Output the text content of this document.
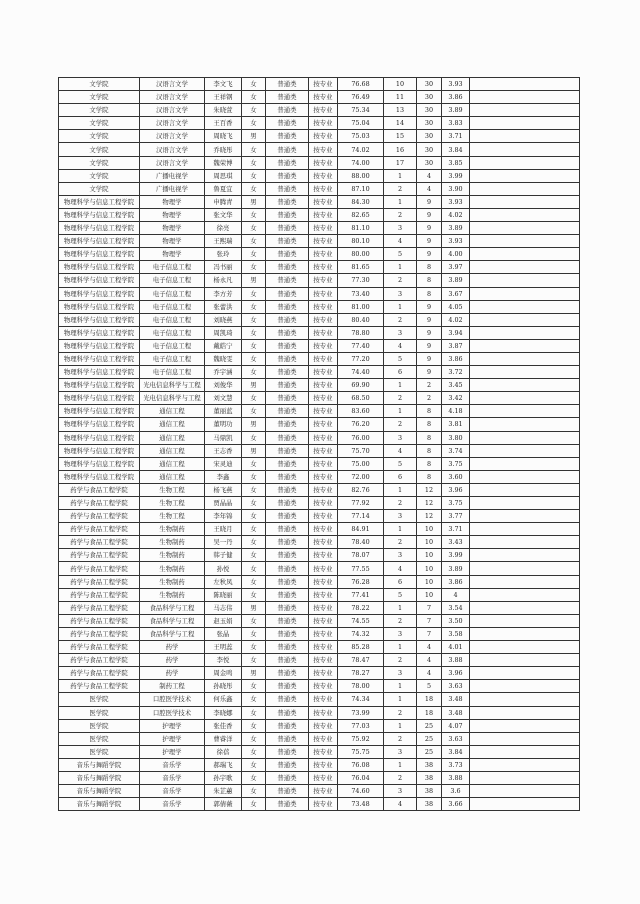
文学院	汉语言文学	李文飞	女	普通类	按专业	76.68	10	30	3.93	
文学院	汉语言文学	王祥钢	女	普通类	按专业	76.49	11	30	3.86	
文学院	汉语言文学	朱晓萱	女	普通类	按专业	75.34	13	30	3.89	
文学院	汉语言文学	王百香	女	普通类	按专业	75.04	14	30	3.83	
文学院	汉语言文学	周晓飞	男	普通类	按专业	75.03	15	30	3.71	
文学院	汉语言文学	乔晓彤	女	普通类	按专业	74.02	16	30	3.84	
文学院	汉语言文学	魏荣博	女	普通类	按专业	74.00	17	30	3.85	
文学院	广播电视学	周思琪	女	普通类	按专业	88.00	1	4	3.99	
文学院	广播电视学	鲁夏宜	女	普通类	按专业	87.10	2	4	3.90	
物理科学与信息工程学院	物理学	申腾青	男	普通类	按专业	84.30	1	9	3.93	
物理科学与信息工程学院	物理学	张文华	女	普通类	按专业	82.65	2	9	4.02	
物理科学与信息工程学院	物理学	徐亮	女	普通类	按专业	81.10	3	9	3.89	
物理科学与信息工程学院	物理学	王熙瑞	女	普通类	按专业	80.10	4	9	3.93	
物理科学与信息工程学院	物理学	张玲	女	普通类	按专业	80.00	5	9	4.00	
物理科学与信息工程学院	电子信息工程	冯书丽	女	普通类	按专业	81.65	1	8	3.97	
物理科学与信息工程学院	电子信息工程	杨永凡	男	普通类	按专业	77.30	2	8	3.89	
物理科学与信息工程学院	电子信息工程	李方芳	女	普通类	按专业	73.40	3	8	3.67	
物理科学与信息工程学院	电子信息工程	张蕾洪	女	普通类	按专业	81.00	1	9	4.05	
物理科学与信息工程学院	电子信息工程	刘晓燕	女	普通类	按专业	80.40	2	9	4.02	
物理科学与信息工程学院	电子信息工程	周凯琦	女	普通类	按专业	78.80	3	9	3.94	
物理科学与信息工程学院	电子信息工程	戴皓宁	女	普通类	按专业	77.40	4	9	3.87	
物理科学与信息工程学院	电子信息工程	魏晓雯	女	普通类	按专业	77.20	5	9	3.86	
物理科学与信息工程学院	电子信息工程	乔宇涵	女	普通类	按专业	74.40	6	9	3.72	
物理科学与信息工程学院	光电信息科学与工程	刘俊华	男	普通类	按专业	69.90	1	2	3.45	
物理科学与信息工程学院	光电信息科学与工程	刘文慧	女	普通类	按专业	68.50	2	2	3.42	
物理科学与信息工程学院	通信工程	董丽蓝	女	普通类	按专业	83.60	1	8	4.18	
物理科学与信息工程学院	通信工程	董明功	男	普通类	按专业	76.20	2	8	3.81	
物理科学与信息工程学院	通信工程	马鼎凯	女	普通类	按专业	76.00	3	8	3.80	
物理科学与信息工程学院	通信工程	王志香	男	普通类	按专业	75.70	4	8	3.74	
物理科学与信息工程学院	通信工程	宋灵迪	女	普通类	按专业	75.00	5	8	3.75	
物理科学与信息工程学院	通信工程	李鑫	女	普通类	按专业	72.00	6	8	3.60	
药学与食品工程学院	生物工程	杨飞燕	女	普通类	按专业	82.76	1	12	3.96	
药学与食品工程学院	生物工程	贾晶晶	女	普通类	按专业	77.92	2	12	3.75	
药学与食品工程学院	生物工程	李年锦	女	普通类	按专业	77.14	3	12	3.77	
药学与食品工程学院	生物制药	王晓月	女	普通类	按专业	84.91	1	10	3.71	
药学与食品工程学院	生物制药	吴一丹	女	普通类	按专业	78.40	2	10	3.43	
药学与食品工程学院	生物制药	韩子健	女	普通类	按专业	78.07	3	10	3.99	
药学与食品工程学院	生物制药	孙悦	女	普通类	按专业	77.55	4	10	3.89	
药学与食品工程学院	生物制药	左秋凤	女	普通类	按专业	76.28	6	10	3.86	
药学与食品工程学院	生物制药	陈晓丽	女	普通类	按专业	77.41	5	10	4	
药学与食品工程学院	食品科学与工程	马志伟	男	普通类	按专业	78.22	1	7	3.54	
药学与食品工程学院	食品科学与工程	赵玉娟	女	普通类	按专业	74.55	2	7	3.50	
药学与食品工程学院	食品科学与工程	张晶	女	普通类	按专业	74.32	3	7	3.58	
药学与食品工程学院	药学	王明蕊	女	普通类	按专业	85.28	1	4	4.01	
药学与食品工程学院	药学	李悦	女	普通类	按专业	78.47	2	4	3.88	
药学与食品工程学院	药学	周金鸣	男	普通类	按专业	78.27	3	4	3.96	
药学与食品工程学院	制药工程	孙晓彤	女	普通类	按专业	78.00	1	5	3.63	
医学院	口腔医学技术	何乐鑫	女	普通类	按专业	74.34	1	18	3.48	
医学院	口腔医学技术	李晓娜	女	普通类	按专业	73.99	2	18	3.48	
医学院	护理学	张佳香	女	普通类	按专业	77.03	1	25	4.07	
医学院	护理学	曹睿洋	女	普通类	按专业	75.92	2	25	3.63	
医学院	护理学	徐蓓	女	普通类	按专业	75.75	3	25	3.84	
音乐与舞蹈学院	音乐学	郝瑞飞	女	普通类	按专业	76.08	1	38	3.73	
音乐与舞蹈学院	音乐学	孙宇歌	女	普通类	按专业	76.04	2	38	3.88	
音乐与舞蹈学院	音乐学	朱芷蕙	女	普通类	按专业	74.60	3	38	3.6	
音乐与舞蹈学院	音乐学	郭倩薇	女	普通类	按专业	73.48	4	38	3.66	
